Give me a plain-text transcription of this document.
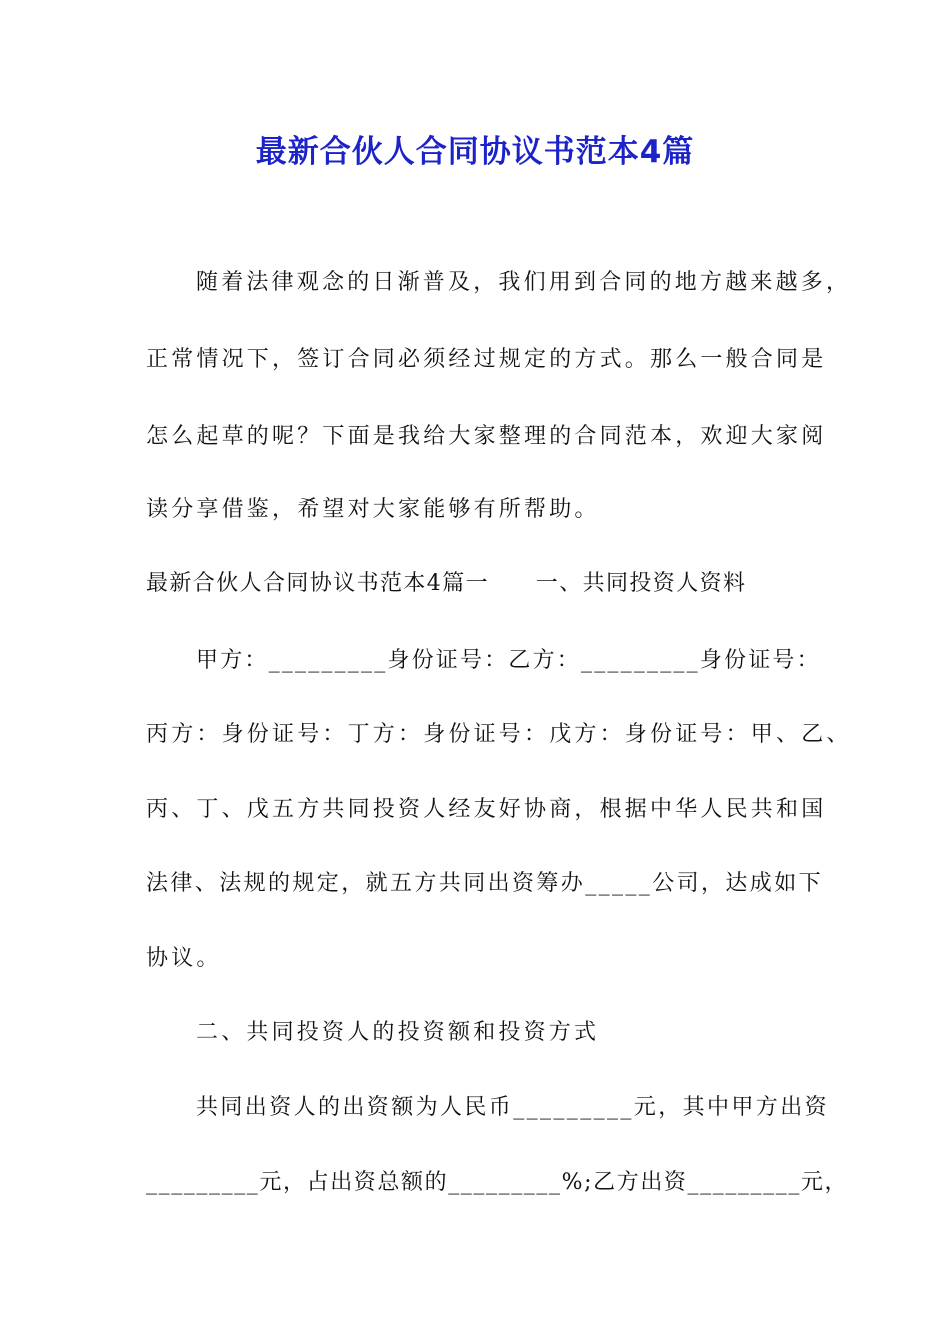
最新合伙人合同协议书范本4篇
随着法律观念的日渐普及，我们用到合同的地方越来越多，
正常情况下，签订合同必须经过规定的方式。那么一般合同是
怎么起草的呢？下面是我给大家整理的合同范本，欢迎大家阅
读分享借鉴，希望对大家能够有所帮助。
最新合伙人合同协议书范本4篇一　　一、共同投资人资料
甲方：_________身份证号：乙方：_________身份证号：
丙方：身份证号：丁方：身份证号：戊方：身份证号：甲、乙、
丙、丁、戊五方共同投资人经友好协商，根据中华人民共和国
法律、法规的规定，就五方共同出资筹办_____公司，达成如下
协议。
二、共同投资人的投资额和投资方式
共同出资人的出资额为人民币_________元，其中甲方出资
_________元，占出资总额的_________%;乙方出资_________元，
